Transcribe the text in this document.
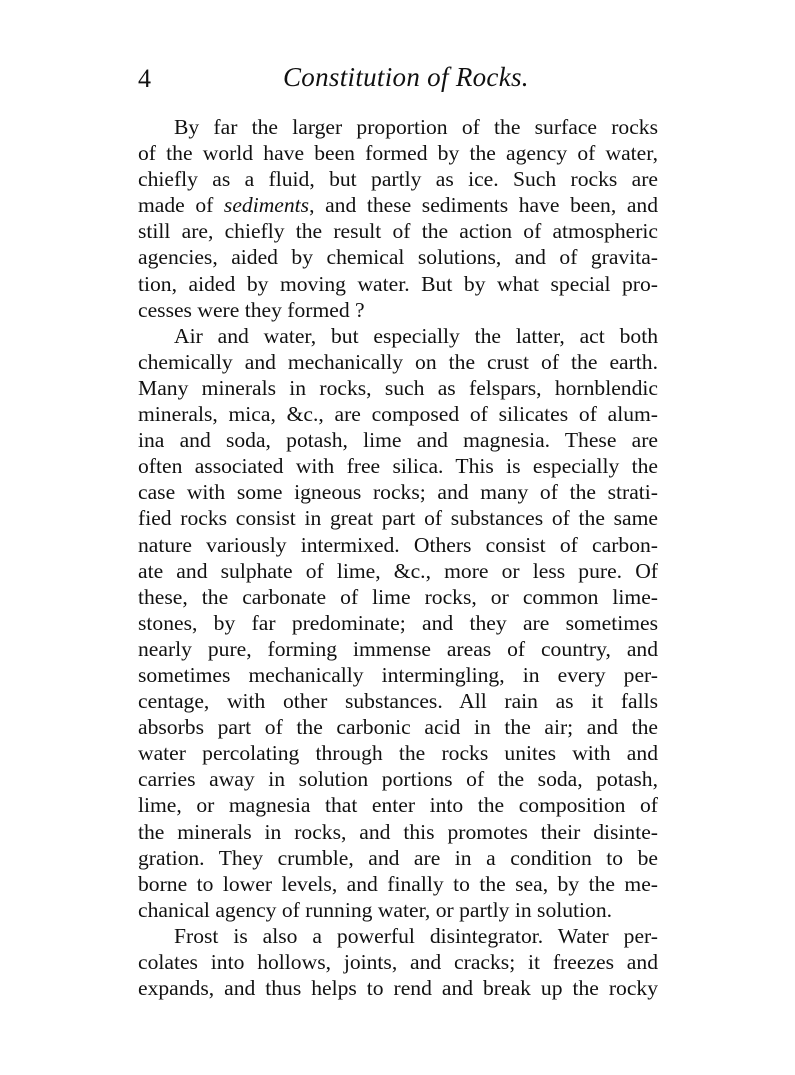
4	Constitution of Rocks.
By far the larger proportion of the surface rocks
of the world have been formed by the agency of water,
chiefly as a fluid, but partly as ice. Such rocks are
made of sediments, and these sediments have been, and
still are, chiefly the result of the action of atmospheric
agencies, aided by chemical solutions, and of gravita-
tion, aided by moving water. But by what special pro-
cesses were they formed ?
Air and water, but especially the latter, act both
chemically and mechanically on the crust of the earth.
Many minerals in rocks, such as felspars, hornblendic
minerals, mica, &c., are composed of silicates of alum-
ina and soda, potash, lime and magnesia. These are
often associated with free silica. This is especially the
case with some igneous rocks; and many of the strati-
fied rocks consist in great part of substances of the same
nature variously intermixed. Others consist of carbon-
ate and sulphate of lime, &c., more or less pure. Of
these, the carbonate of lime rocks, or common lime-
stones, by far predominate; and they are sometimes
nearly pure, forming immense areas of country, and
sometimes mechanically intermingling, in every per-
centage, with other substances. All rain as it falls
absorbs part of the carbonic acid in the air; and the
water percolating through the rocks unites with and
carries away in solution portions of the soda, potash,
lime, or magnesia that enter into the composition of
the minerals in rocks, and this promotes their disinte-
gration. They crumble, and are in a condition to be
borne to lower levels, and finally to the sea, by the me-
chanical agency of running water, or partly in solution.
Frost is also a powerful disintegrator. Water per-
colates into hollows, joints, and cracks; it freezes and
expands, and thus helps to rend and break up the rocky
